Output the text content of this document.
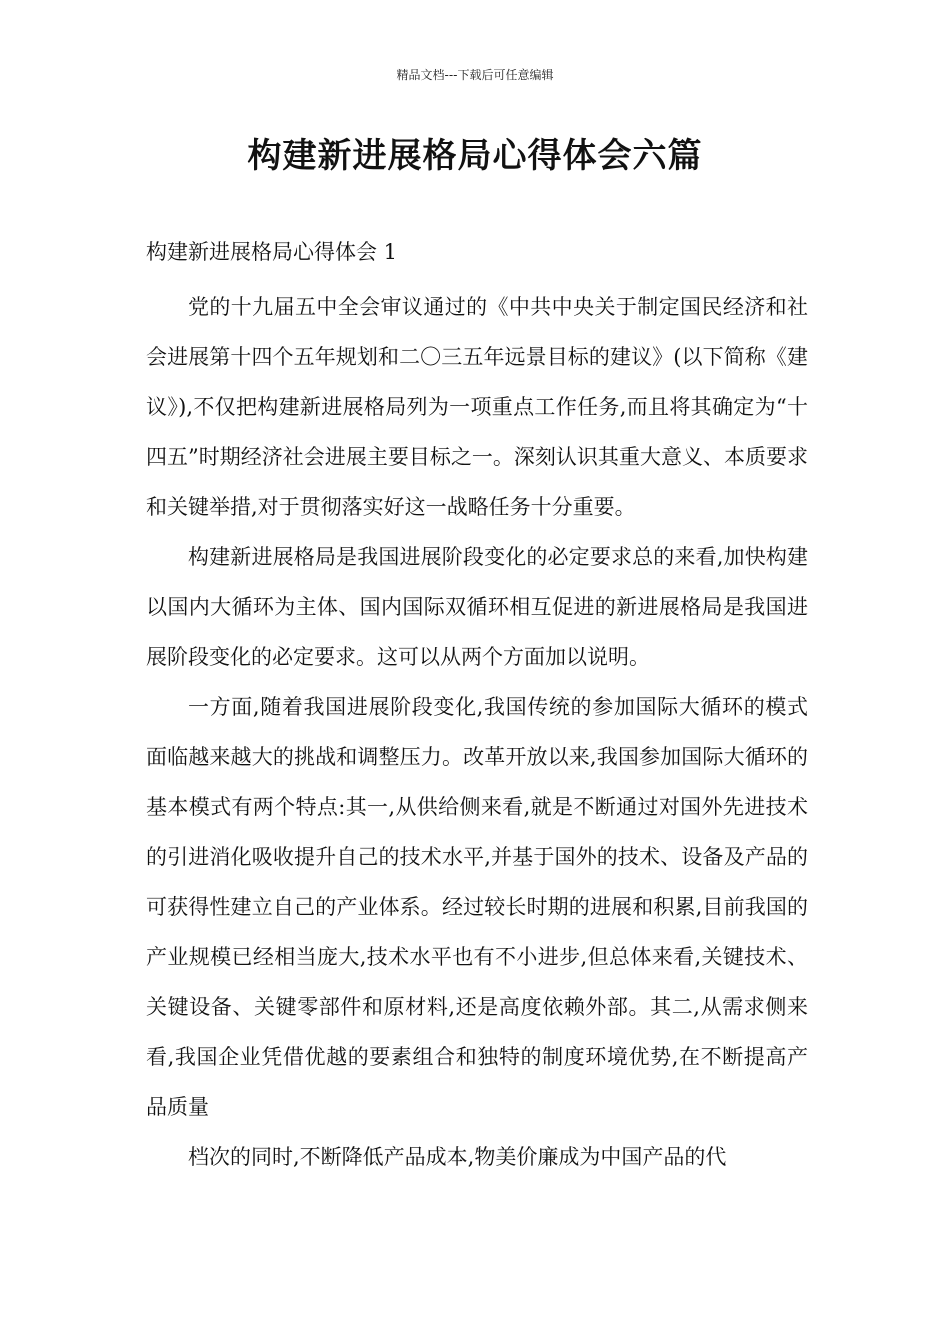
精品文档---下载后可任意编辑
构建新进展格局心得体会六篇
构建新进展格局心得体会 1

党的十九届五中全会审议通过的《中共中央关于制定国民经济和社会进展第十四个五年规划和二〇三五年远景目标的建议》(以下简称《建议》),不仅把构建新进展格局列为一项重点工作任务,而且将其确定为“十四五”时期经济社会进展主要目标之一。深刻认识其重大意义、本质要求和关键举措,对于贯彻落实好这一战略任务十分重要。

构建新进展格局是我国进展阶段变化的必定要求总的来看,加快构建以国内大循环为主体、国内国际双循环相互促进的新进展格局是我国进展阶段变化的必定要求。这可以从两个方面加以说明。

一方面,随着我国进展阶段变化,我国传统的参加国际大循环的模式面临越来越大的挑战和调整压力。改革开放以来,我国参加国际大循环的基本模式有两个特点:其一,从供给侧来看,就是不断通过对国外先进技术的引进消化吸收提升自己的技术水平,并基于国外的技术、设备及产品的可获得性建立自己的产业体系。经过较长时期的进展和积累,目前我国的产业规模已经相当庞大,技术水平也有不小进步,但总体来看,关键技术、关键设备、关键零部件和原材料,还是高度依赖外部。其二,从需求侧来看,我国企业凭借优越的要素组合和独特的制度环境优势,在不断提高产品质量

档次的同时,不断降低产品成本,物美价廉成为中国产品的代
